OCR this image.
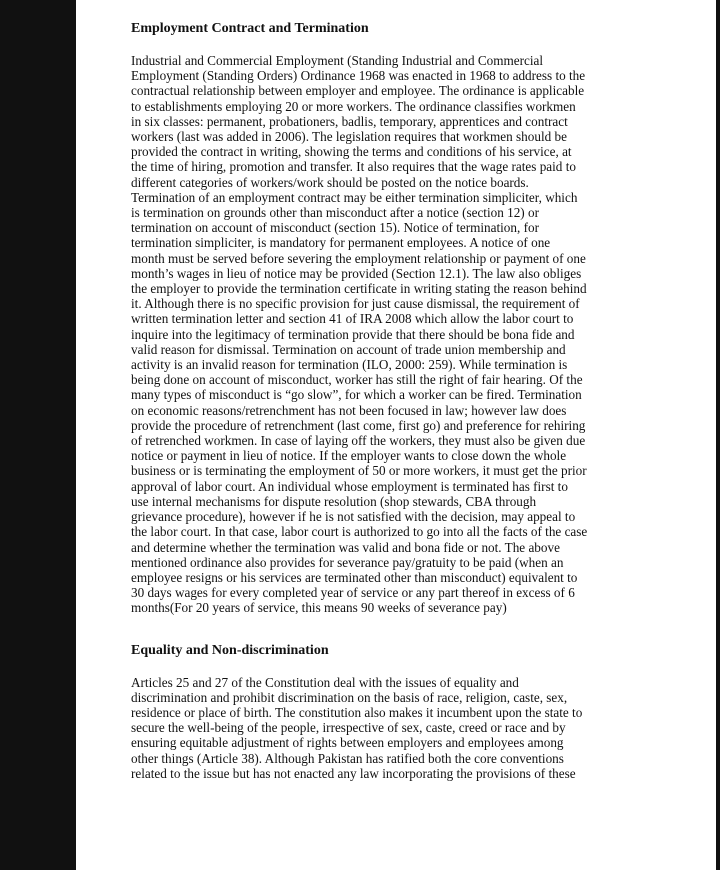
Employment Contract and Termination
Industrial and Commercial Employment (Standing Industrial and Commercial
Employment (Standing Orders) Ordinance 1968 was enacted in 1968 to address to the
contractual relationship between employer and employee. The ordinance is applicable
to establishments employing 20 or more workers. The ordinance classifies workmen
in six classes: permanent, probationers, badlis, temporary, apprentices and contract
workers (last was added in 2006). The legislation requires that workmen should be
provided the contract in writing, showing the terms and conditions of his service, at
the time of hiring, promotion and transfer. It also requires that the wage rates paid to
different categories of workers/work should be posted on the notice boards.
Termination of an employment contract may be either termination simpliciter, which
is termination on grounds other than misconduct after a notice (section 12) or
termination on account of misconduct (section 15). Notice of termination, for
termination simpliciter, is mandatory for permanent employees. A notice of one
month must be served before severing the employment relationship or payment of one
month’s wages in lieu of notice may be provided (Section 12.1). The law also obliges
the employer to provide the termination certificate in writing stating the reason behind
it. Although there is no specific provision for just cause dismissal, the requirement of
written termination letter and section 41 of IRA 2008 which allow the labor court to
inquire into the legitimacy of termination provide that there should be bona fide and
valid reason for dismissal. Termination on account of trade union membership and
activity is an invalid reason for termination (ILO, 2000: 259). While termination is
being done on account of misconduct, worker has still the right of fair hearing. Of the
many types of misconduct is “go slow”, for which a worker can be fired. Termination
on economic reasons/retrenchment has not been focused in law; however law does
provide the procedure of retrenchment (last come, first go) and preference for rehiring
of retrenched workmen. In case of laying off the workers, they must also be given due
notice or payment in lieu of notice. If the employer wants to close down the whole
business or is terminating the employment of 50 or more workers, it must get the prior
approval of labor court. An individual whose employment is terminated has first to
use internal mechanisms for dispute resolution (shop stewards, CBA through
grievance procedure), however if he is not satisfied with the decision, may appeal to
the labor court. In that case, labor court is authorized to go into all the facts of the case
and determine whether the termination was valid and bona fide or not. The above
mentioned ordinance also provides for severance pay/gratuity to be paid (when an
employee resigns or his services are terminated other than misconduct) equivalent to
30 days wages for every completed year of service or any part thereof in excess of 6
months(For 20 years of service, this means 90 weeks of severance pay)
Equality and Non-discrimination
Articles 25 and 27 of the Constitution deal with the issues of equality and
discrimination and prohibit discrimination on the basis of race, religion, caste, sex,
residence or place of birth. The constitution also makes it incumbent upon the state to
secure the well-being of the people, irrespective of sex, caste, creed or race and by
ensuring equitable adjustment of rights between employers and employees among
other things (Article 38). Although Pakistan has ratified both the core conventions
related to the issue but has not enacted any law incorporating the provisions of these
